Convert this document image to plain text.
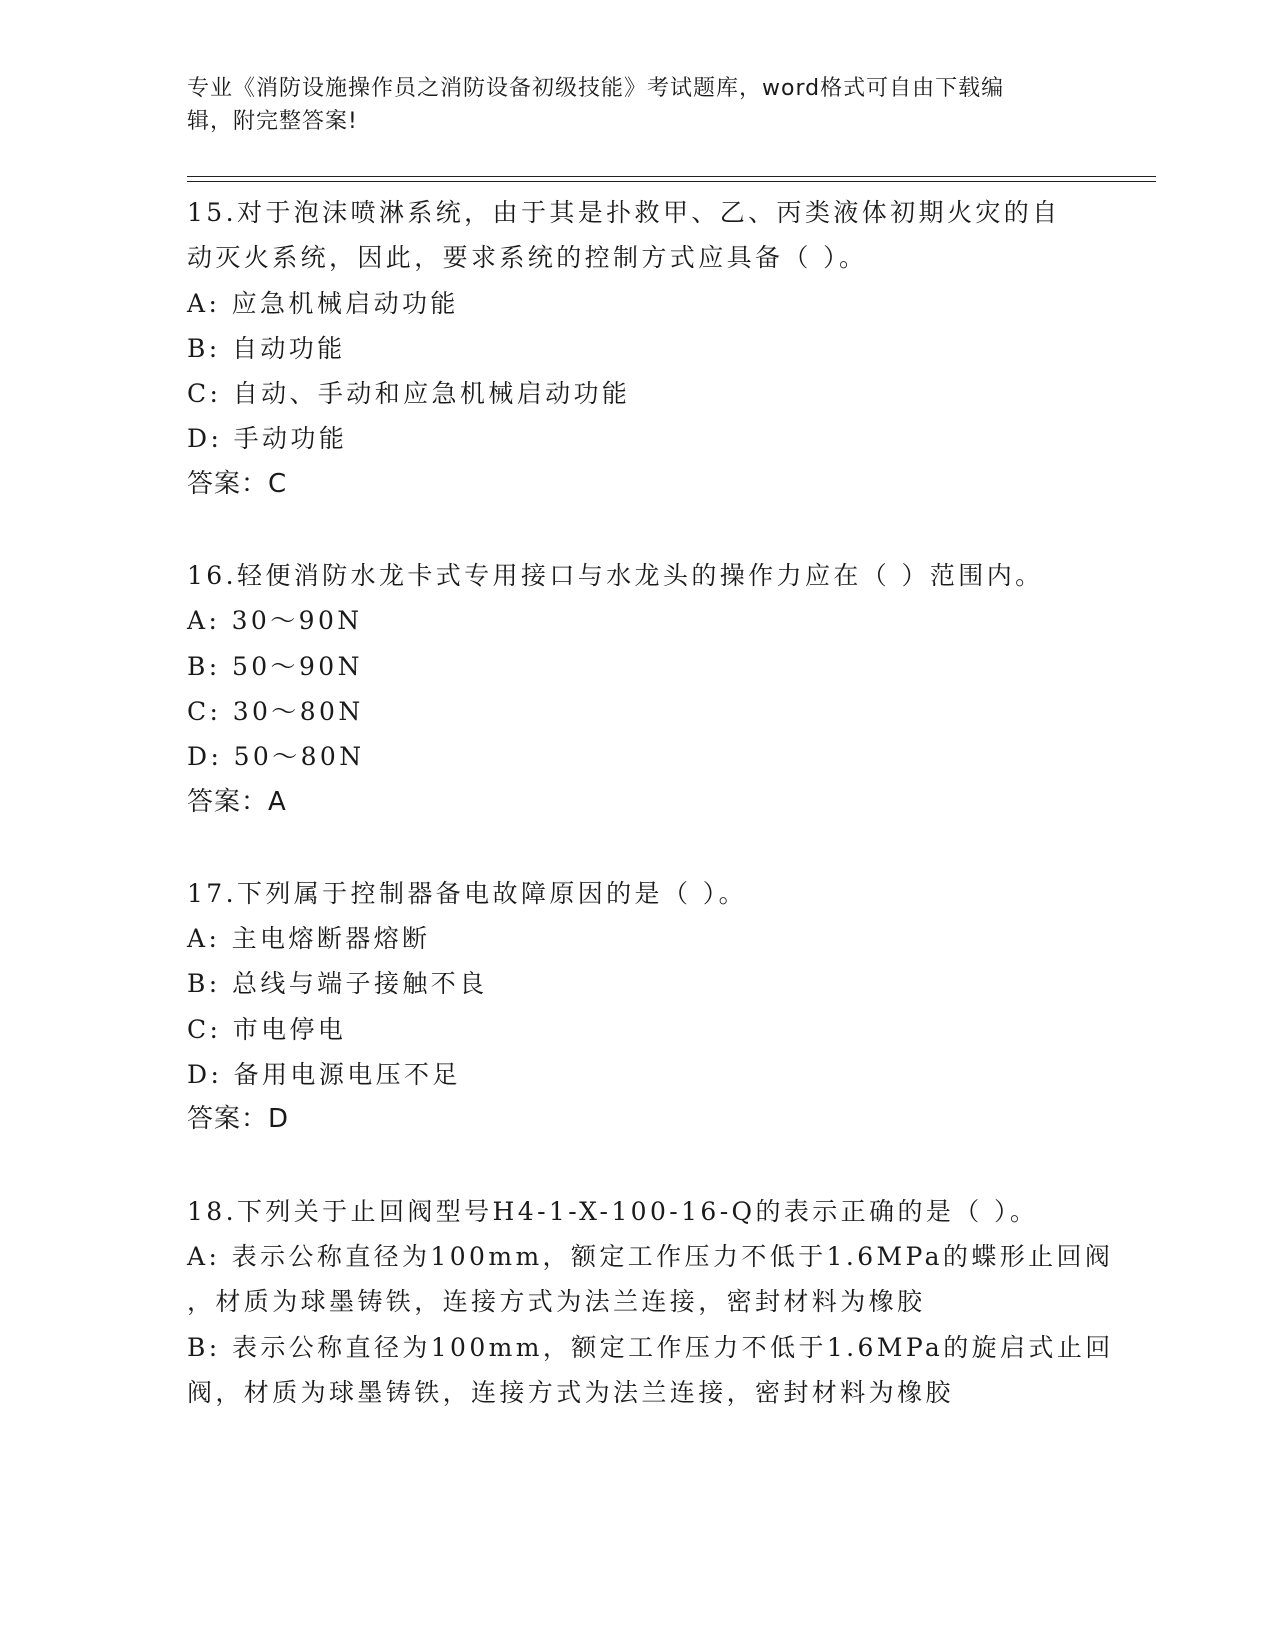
专业《消防设施操作员之消防设备初级技能》考试题库，word格式可自由下载编
辑，附完整答案!
15.对于泡沫喷淋系统，由于其是扑救甲、乙、丙类液体初期火灾的自
动灭火系统，因此，要求系统的控制方式应具备（ ）。
A: 应急机械启动功能
B: 自动功能
C: 自动、手动和应急机械启动功能
D: 手动功能
答案：C
16.轻便消防水龙卡式专用接口与水龙头的操作力应在（ ）范围内。
A: 30～90N
B: 50～90N
C: 30～80N
D: 50～80N
答案：A
17.下列属于控制器备电故障原因的是（ ）。
A: 主电熔断器熔断
B: 总线与端子接触不良
C: 市电停电
D: 备用电源电压不足
答案：D
18.下列关于止回阀型号H4-1-X-100-16-Q的表示正确的是（ ）。
A: 表示公称直径为100mm，额定工作压力不低于1.6MPa的蝶形止回阀
，材质为球墨铸铁，连接方式为法兰连接，密封材料为橡胶
B: 表示公称直径为100mm，额定工作压力不低于1.6MPa的旋启式止回
阀，材质为球墨铸铁，连接方式为法兰连接，密封材料为橡胶
